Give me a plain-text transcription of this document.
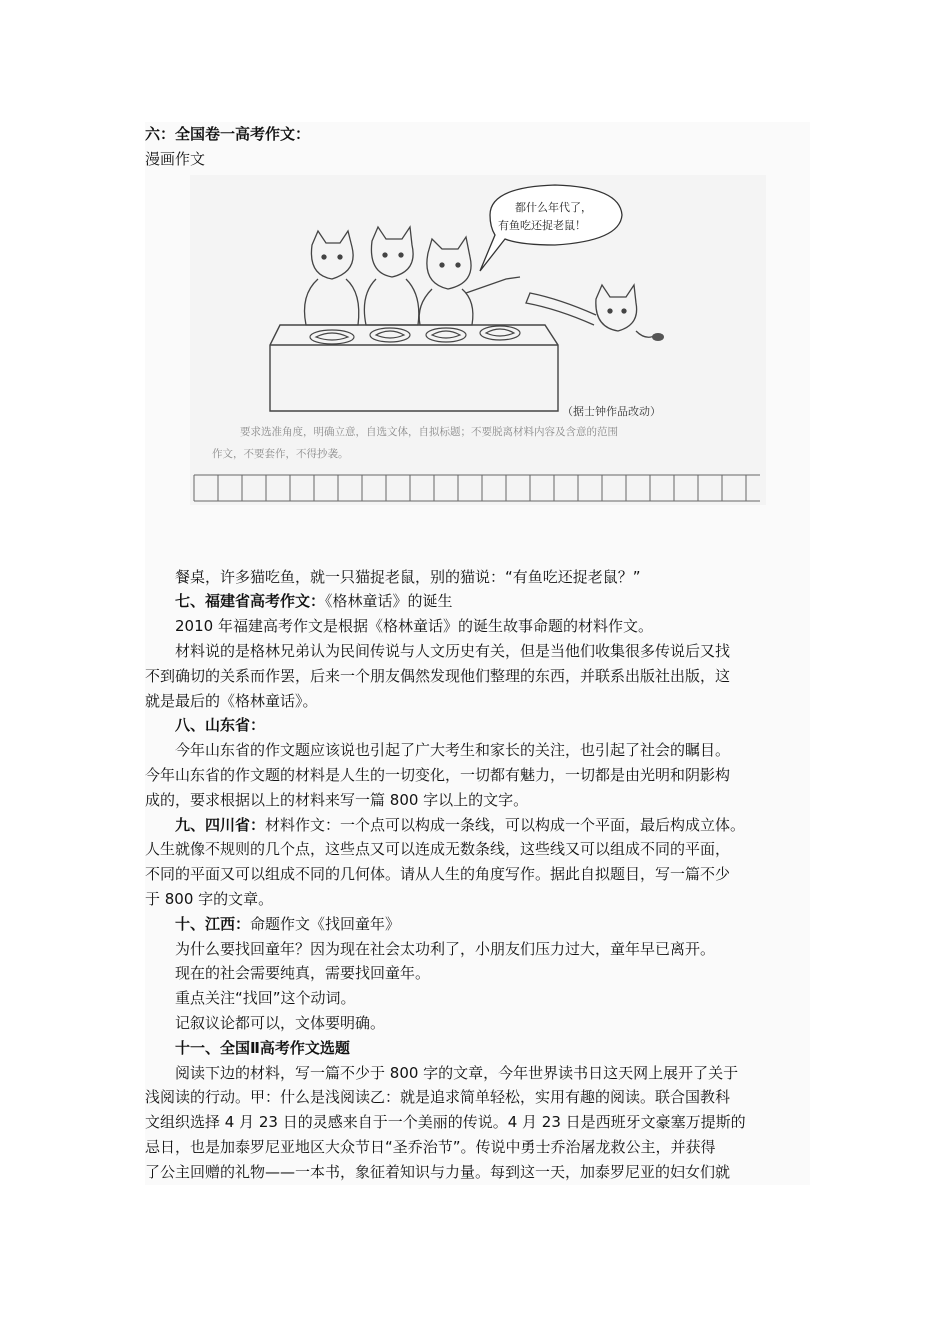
六：全国卷一高考作文：
漫画作文
都什么年代了，
有鱼吃还捉老鼠！
（据士钟作品改动）
要求选准角度，明确立意，自选文体，自拟标题；不要脱离材料内容及含意的范围
作文，不要套作，不得抄袭。
餐桌，许多猫吃鱼，就一只猫捉老鼠，别的猫说：“有鱼吃还捉老鼠？”
七、福建省高考作文：《格林童话》的诞生
2010 年福建高考作文是根据《格林童话》的诞生故事命题的材料作文。
材料说的是格林兄弟认为民间传说与人文历史有关，但是当他们收集很多传说后又找
不到确切的关系而作罢，后来一个朋友偶然发现他们整理的东西，并联系出版社出版，这
就是最后的《格林童话》。
八、山东省：
今年山东省的作文题应该说也引起了广大考生和家长的关注，也引起了社会的瞩目。
今年山东省的作文题的材料是人生的一切变化，一切都有魅力，一切都是由光明和阴影构
成的，要求根据以上的材料来写一篇 800 字以上的文字。
九、四川省：材料作文：一个点可以构成一条线，可以构成一个平面，最后构成立体。
人生就像不规则的几个点，这些点又可以连成无数条线，这些线又可以组成不同的平面，
不同的平面又可以组成不同的几何体。请从人生的角度写作。据此自拟题目，写一篇不少
于 800 字的文章。
十、江西：命题作文《找回童年》
为什么要找回童年？因为现在社会太功利了，小朋友们压力过大，童年早已离开。
现在的社会需要纯真，需要找回童年。
重点关注“找回”这个动词。
记叙议论都可以，文体要明确。
十一、全国Ⅱ高考作文选题
阅读下边的材料，写一篇不少于 800 字的文章，今年世界读书日这天网上展开了关于
浅阅读的行动。甲：什么是浅阅读乙：就是追求简单轻松，实用有趣的阅读。联合国教科
文组织选择 4 月 23 日的灵感来自于一个美丽的传说。4 月 23 日是西班牙文豪塞万提斯的
忌日，也是加泰罗尼亚地区大众节日“圣乔治节”。传说中勇士乔治屠龙救公主，并获得
了公主回赠的礼物——一本书，象征着知识与力量。每到这一天，加泰罗尼亚的妇女们就
